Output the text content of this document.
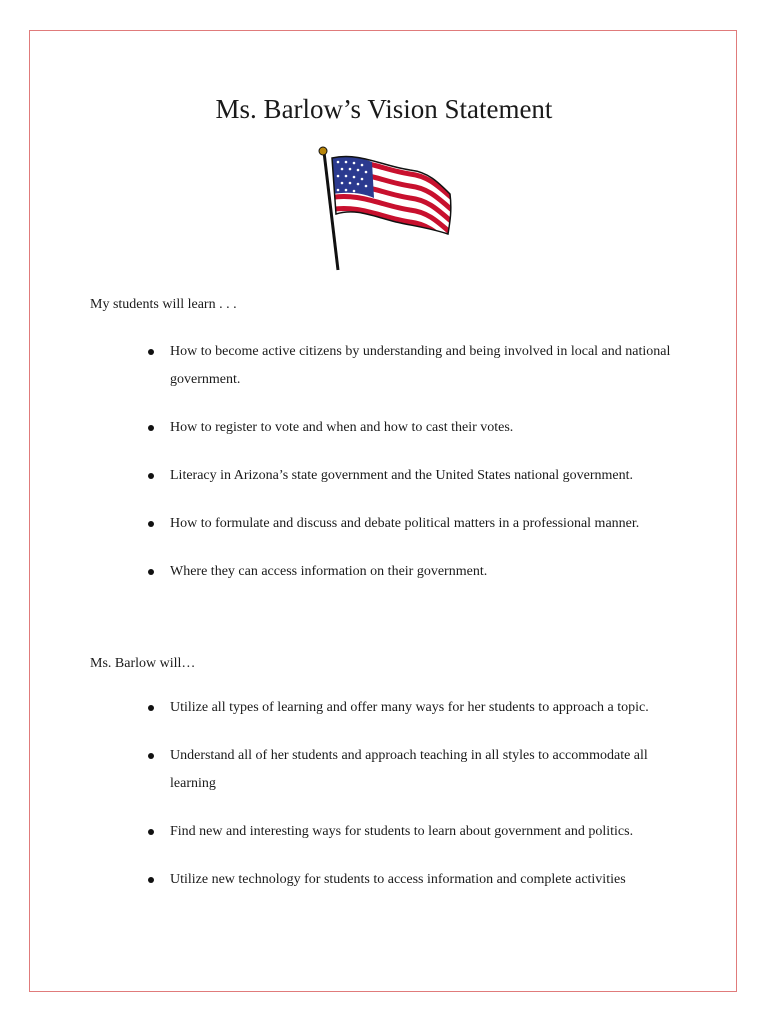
Ms. Barlow’s Vision Statement

My students will learn . . .

How to become active citizens by understanding and being involved in local and national government.
How to register to vote and when and how to cast their votes.
Literacy in Arizona’s state government and the United States national government.
How to formulate and discuss and debate political matters in a professional manner.
Where they can access information on their government.

Ms. Barlow will…

Utilize all types of learning and offer many ways for her students to approach a topic.
Understand all of her students and approach teaching in all styles to accommodate all learning
Find new and interesting ways for students to learn about government and politics.
Utilize new technology for students to access information and complete activities
